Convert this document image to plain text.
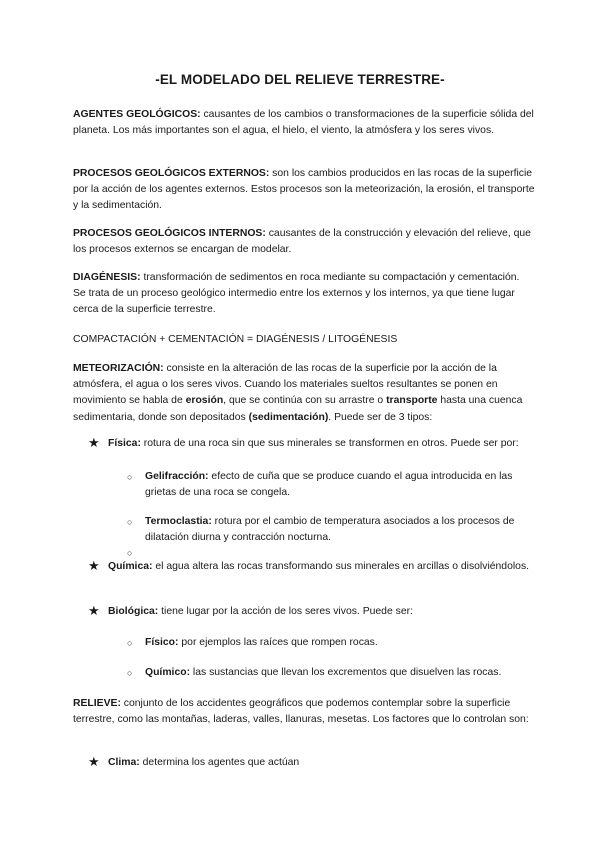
-EL MODELADO DEL RELIEVE TERRESTRE-

AGENTES GEOLÓGICOS: causantes de los cambios o transformaciones de la superficie sólida del planeta. Los más importantes son el agua, el hielo, el viento, la atmósfera y los seres vivos.

PROCESOS GEOLÓGICOS EXTERNOS: son los cambios producidos en las rocas de la superficie por la acción de los agentes externos. Estos procesos son la meteorización, la erosión, el transporte y la sedimentación.

PROCESOS GEOLÓGICOS INTERNOS: causantes de la construcción y elevación del relieve, que los procesos externos se encargan de modelar.

DIAGÉNESIS: transformación de sedimentos en roca mediante su compactación y cementación. Se trata de un proceso geológico intermedio entre los externos y los internos, ya que tiene lugar cerca de la superficie terrestre.

COMPACTACIÓN + CEMENTACIÓN = DIAGÉNESIS / LITOGÉNESIS

METEORIZACIÓN: consiste en la alteración de las rocas de la superficie por la acción de la atmósfera, el agua o los seres vivos. Cuando los materiales sueltos resultantes se ponen en movimiento se habla de erosión, que se continúa con su arrastre o transporte hasta una cuenca sedimentaria, donde son depositados (sedimentación). Puede ser de 3 tipos:

★ Física: rotura de una roca sin que sus minerales se transformen en otros. Puede ser por:
○ Gelifracción: efecto de cuña que se produce cuando el agua introducida en las grietas de una roca se congela.
○ Termoclastia: rotura por el cambio de temperatura asociados a los procesos de dilatación diurna y contracción nocturna.
○
★ Química: el agua altera las rocas transformando sus minerales en arcillas o disolviéndolos.
★ Biológica: tiene lugar por la acción de los seres vivos. Puede ser:
○ Físico: por ejemplos las raíces que rompen rocas.
○ Químico: las sustancias que llevan los excrementos que disuelven las rocas.

RELIEVE: conjunto de los accidentes geográficos que podemos contemplar sobre la superficie terrestre, como las montañas, laderas, valles, llanuras, mesetas. Los factores que lo controlan son:

★ Clima: determina los agentes que actúan
